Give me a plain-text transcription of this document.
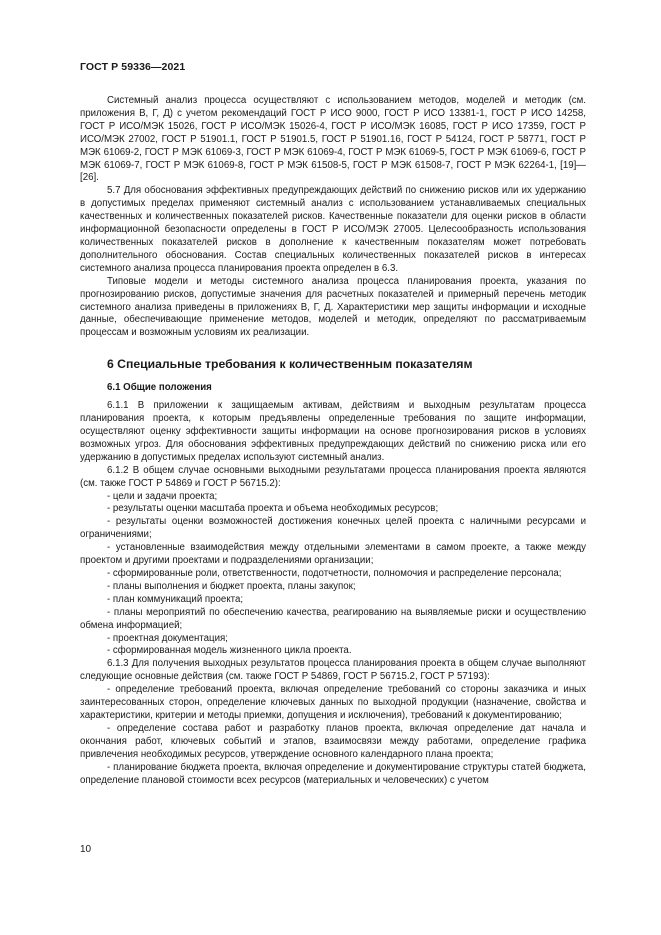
ГОСТ Р 59336—2021

Системный анализ процесса осуществляют с использованием методов, моделей и методик (см. приложения В, Г, Д) с учетом рекомендаций ГОСТ Р ИСО 9000, ГОСТ Р ИСО 13381-1, ГОСТ Р ИСО 14258, ГОСТ Р ИСО/МЭК 15026, ГОСТ Р ИСО/МЭК 15026-4, ГОСТ Р ИСО/МЭК 16085, ГОСТ Р ИСО 17359, ГОСТ Р ИСО/МЭК 27002, ГОСТ Р 51901.1, ГОСТ Р 51901.5, ГОСТ Р 51901.16, ГОСТ Р 54124, ГОСТ Р 58771, ГОСТ Р МЭК 61069-2, ГОСТ Р МЭК 61069-3, ГОСТ Р МЭК 61069-4, ГОСТ Р МЭК 61069-5, ГОСТ Р МЭК 61069-6, ГОСТ Р МЭК 61069-7, ГОСТ Р МЭК 61069-8, ГОСТ Р МЭК 61508-5, ГОСТ Р МЭК 61508-7, ГОСТ Р МЭК 62264-1, [19]—[26].

5.7 Для обоснования эффективных предупреждающих действий по снижению рисков или их удержанию в допустимых пределах применяют системный анализ с использованием устанавливаемых специальных качественных и количественных показателей рисков. Качественные показатели для оценки рисков в области информационной безопасности определены в ГОСТ Р ИСО/МЭК 27005. Целесообразность использования количественных показателей рисков в дополнение к качественным показателям может потребовать дополнительного обоснования. Состав специальных количественных показателей рисков в интересах системного анализа процесса планирования проекта определен в 6.3.

Типовые модели и методы системного анализа процесса планирования проекта, указания по прогнозированию рисков, допустимые значения для расчетных показателей и примерный перечень методик системного анализа приведены в приложениях В, Г, Д. Характеристики мер защиты информации и исходные данные, обеспечивающие применение методов, моделей и методик, определяют по рассматриваемым процессам и возможным условиям их реализации.

6 Специальные требования к количественным показателям
6.1 Общие положения

6.1.1 В приложении к защищаемым активам, действиям и выходным результатам процесса планирования проекта, к которым предъявлены определенные требования по защите информации, осуществляют оценку эффективности защиты информации на основе прогнозирования рисков в условиях возможных угроз. Для обоснования эффективных предупреждающих действий по снижению риска или его удержанию в допустимых пределах используют системный анализ.

6.1.2 В общем случае основными выходными результатами процесса планирования проекта являются (см. также ГОСТ Р 54869 и ГОСТ Р 56715.2):

- цели и задачи проекта;

- результаты оценки масштаба проекта и объема необходимых ресурсов;

- результаты оценки возможностей достижения конечных целей проекта с наличными ресурсами и ограничениями;

- установленные взаимодействия между отдельными элементами в самом проекте, а также между проектом и другими проектами и подразделениями организации;

- сформированные роли, ответственности, подотчетности, полномочия и распределение персонала;

- планы выполнения и бюджет проекта, планы закупок;

- план коммуникаций проекта;

- планы мероприятий по обеспечению качества, реагированию на выявляемые риски и осуществлению обмена информацией;

- проектная документация;

- сформированная модель жизненного цикла проекта.

6.1.3 Для получения выходных результатов процесса планирования проекта в общем случае выполняют следующие основные действия (см. также ГОСТ Р 54869, ГОСТ Р 56715.2, ГОСТ Р 57193):

- определение требований проекта, включая определение требований со стороны заказчика и иных заинтересованных сторон, определение ключевых данных по выходной продукции (назначение, свойства и характеристики, критерии и методы приемки, допущения и исключения), требований к документированию;

- определение состава работ и разработку планов проекта, включая определение дат начала и окончания работ, ключевых событий и этапов, взаимосвязи между работами, определение графика привлечения необходимых ресурсов, утверждение основного календарного плана проекта;

- планирование бюджета проекта, включая определение и документирование структуры статей бюджета, определение плановой стоимости всех ресурсов (материальных и человеческих) с учетом

10
